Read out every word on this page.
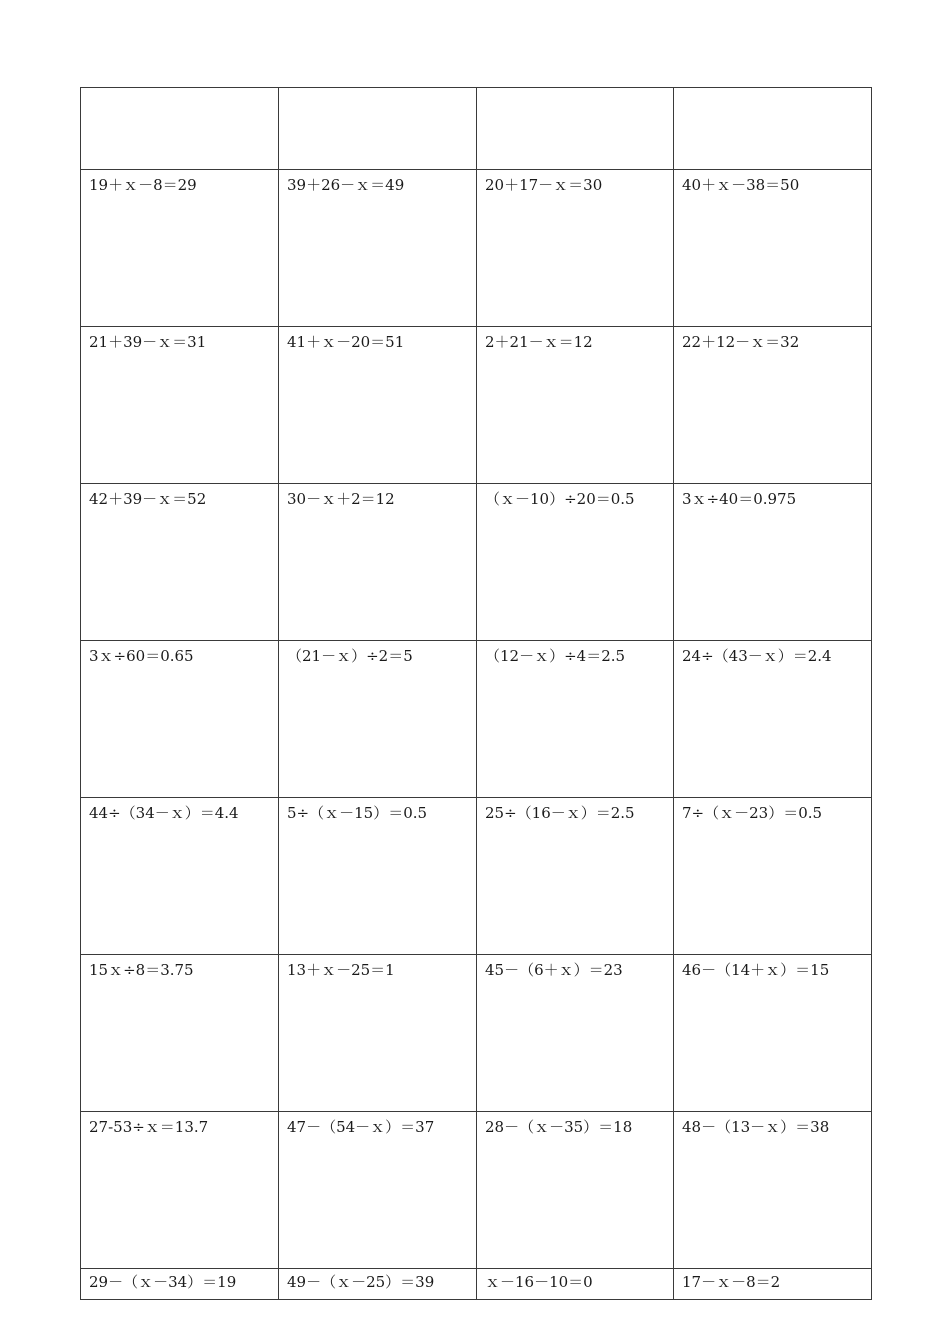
19＋ｘ－8＝29	39＋26－ｘ＝49	20＋17－ｘ＝30	40＋ｘ－38＝50
21＋39－ｘ＝31	41＋ｘ－20＝51	2＋21－ｘ＝12	22＋12－ｘ＝32
42＋39－ｘ＝52	30－ｘ＋2＝12	（ｘ－10）÷20＝0.5	3ｘ÷40＝0.975
3ｘ÷60＝0.65	（21－ｘ）÷2＝5	（12－ｘ）÷4＝2.5	24÷（43－ｘ）＝2.4
44÷（34－ｘ）＝4.4	5÷（ｘ－15）＝0.5	25÷（16－ｘ）＝2.5	7÷（ｘ－23）＝0.5
15ｘ÷8＝3.75	13＋ｘ－25＝1	45－（6＋ｘ）＝23	46－（14＋ｘ）＝15
27-53÷ｘ＝13.7	47－（54－ｘ）＝37	28－（ｘ－35）＝18	48－（13－ｘ）＝38
29－（ｘ－34）＝19	49－（ｘ－25）＝39	ｘ－16－10＝0	17－ｘ－8＝2
